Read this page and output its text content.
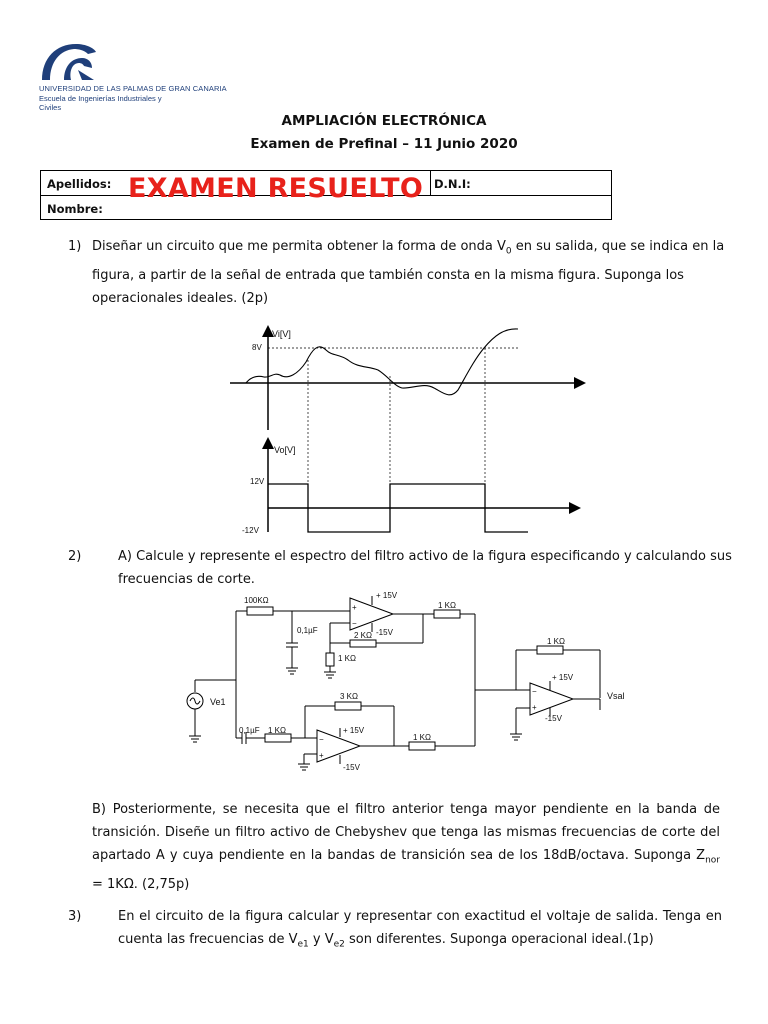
UNIVERSIDAD DE LAS PALMAS DE GRAN CANARIA
Escuela de Ingenierías Industriales y
Civiles
AMPLIACIÓN ELECTRÓNICA
Examen de Prefinal – 11 Junio 2020
Apellidos:	D.N.I:
Nombre:
EXAMEN RESUELTO
1) Diseñar un circuito que me permita obtener la forma de onda $V_0$ en su salida, que se indica en la figura, a partir de la señal de entrada que también consta en la misma figura. Suponga los operacionales ideales. (2p)
Vi[V]
8V
Vo[V]
12V
-12V
2)	A) Calcule y represente el espectro del filtro activo de la figura especificando y calculando sus frecuencias de corte.
Ve1
100KΩ
0,1µF
+
−
+ 15V
-15V
2 KΩ
1 KΩ
1 KΩ
0,1µF 1 KΩ
3 KΩ
−
+
+ 15V
-15V
1 KΩ
1 KΩ
−
+
+ 15V
-15V
Vsal
B) Posteriormente, se necesita que el filtro anterior tenga mayor pendiente en la banda de transición. Diseñe un filtro activo de Chebyshev que tenga las mismas frecuencias de corte del apartado A y cuya pendiente en la bandas de transición sea de los 18dB/octava. Suponga $Z_{nor} = 1K\Omega$. (2,75p)
3)	En el circuito de la figura calcular y representar con exactitud el voltaje de salida. Tenga en cuenta las frecuencias de $V_{e1}$ y $V_{e2}$ son diferentes. Suponga operacional ideal.(1p)
